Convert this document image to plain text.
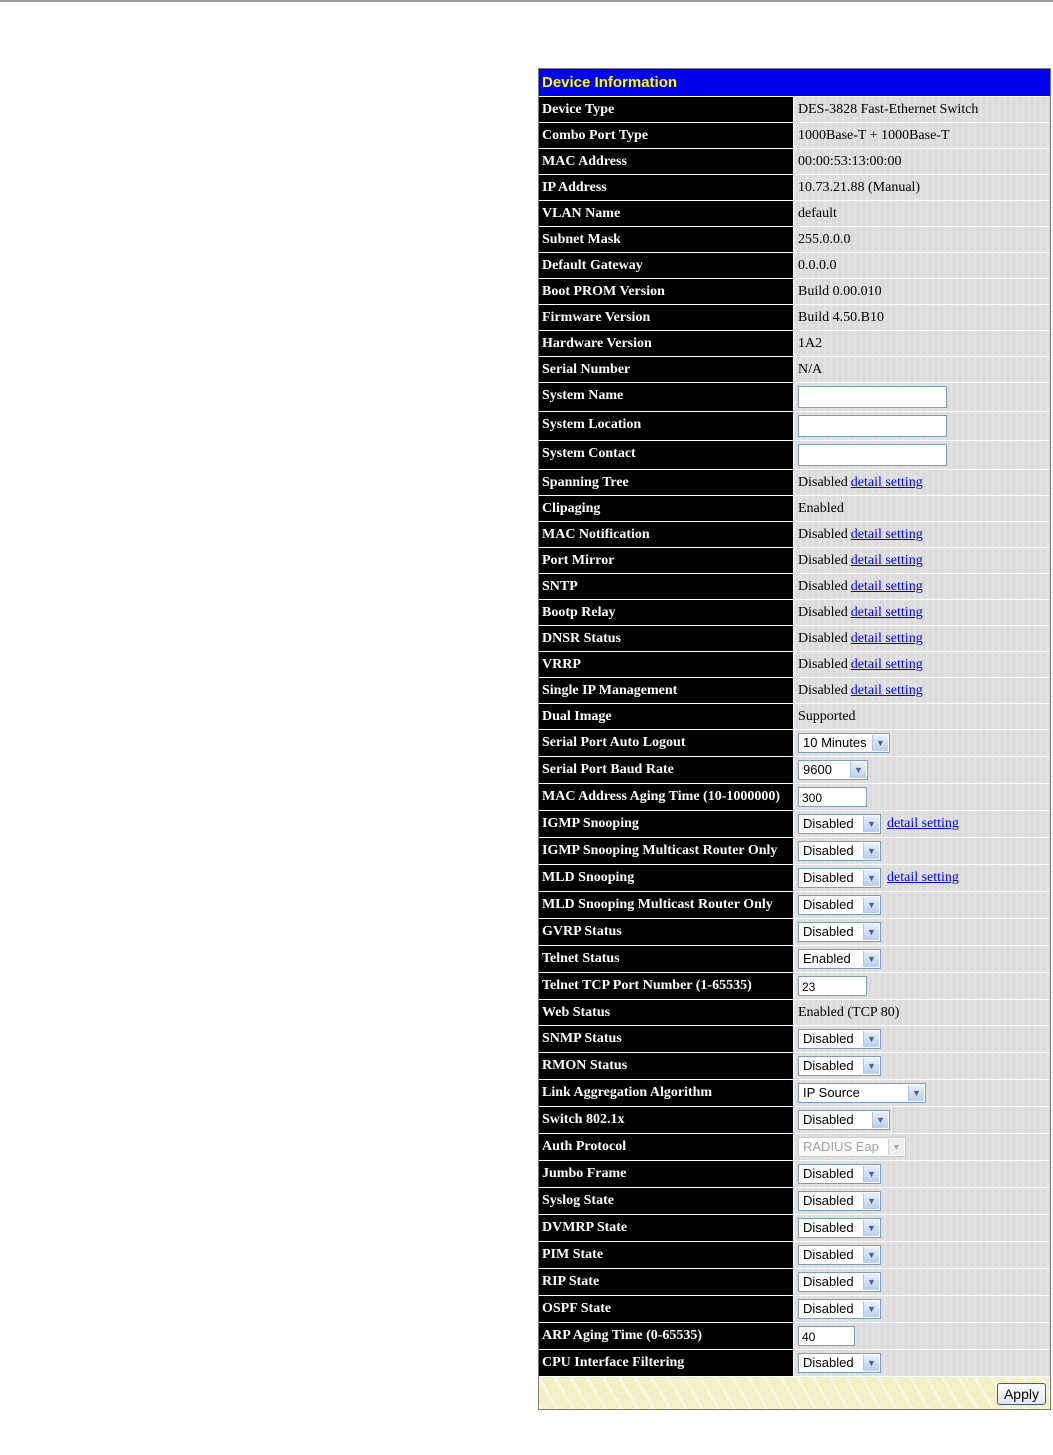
Device Information
Device Type	DES-3828 Fast-Ethernet Switch
Combo Port Type	1000Base-T + 1000Base-T
MAC Address	00:00:53:13:00:00
IP Address	10.73.21.88 (Manual)
VLAN Name	default
Subnet Mask	255.0.0.0
Default Gateway	0.0.0.0
Boot PROM Version	Build 0.00.010
Firmware Version	Build 4.50.B10
Hardware Version	1A2
Serial Number	N/A
System Name	
System Location	
System Contact	
Spanning Tree	Disabled detail setting
Clipaging	Enabled
MAC Notification	Disabled detail setting
Port Mirror	Disabled detail setting
SNTP	Disabled detail setting
Bootp Relay	Disabled detail setting
DNSR Status	Disabled detail setting
VRRP	Disabled detail setting
Single IP Management	Disabled detail setting
Dual Image	Supported
Serial Port Auto Logout	10 Minutes ▼

Serial Port Baud Rate	9600 ▼

MAC Address Aging Time (10-1000000)	300
IGMP Snooping	Disabled ▼ detail setting
IGMP Snooping Multicast Router Only	Disabled ▼

MLD Snooping	Disabled ▼ detail setting
MLD Snooping Multicast Router Only	Disabled ▼

GVRP Status	Disabled ▼

Telnet Status	Enabled ▼

Telnet TCP Port Number (1-65535)	23
Web Status	Enabled (TCP 80)
SNMP Status	Disabled ▼

RMON Status	Disabled ▼

Link Aggregation Algorithm	IP Source ▼

Switch 802.1x	Disabled ▼

Auth Protocol	RADIUS Eap ▼

Jumbo Frame	Disabled ▼

Syslog State	Disabled ▼

DVMRP State	Disabled ▼

PIM State	Disabled ▼

RIP State	Disabled ▼

OSPF State	Disabled ▼

ARP Aging Time (0-65535)	40
CPU Interface Filtering	Disabled ▼
Apply
